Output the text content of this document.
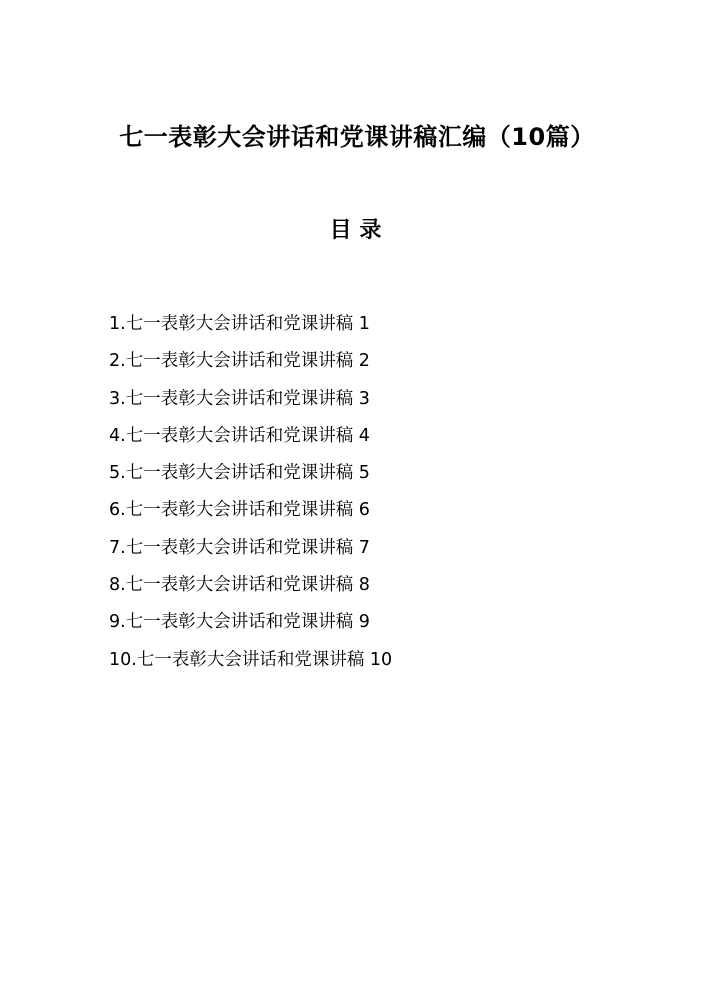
七一表彰大会讲话和党课讲稿汇编（10篇）
目 录
1.七一表彰大会讲话和党课讲稿 1
2.七一表彰大会讲话和党课讲稿 2
3.七一表彰大会讲话和党课讲稿 3
4.七一表彰大会讲话和党课讲稿 4
5.七一表彰大会讲话和党课讲稿 5
6.七一表彰大会讲话和党课讲稿 6
7.七一表彰大会讲话和党课讲稿 7
8.七一表彰大会讲话和党课讲稿 8
9.七一表彰大会讲话和党课讲稿 9
10.七一表彰大会讲话和党课讲稿 10
